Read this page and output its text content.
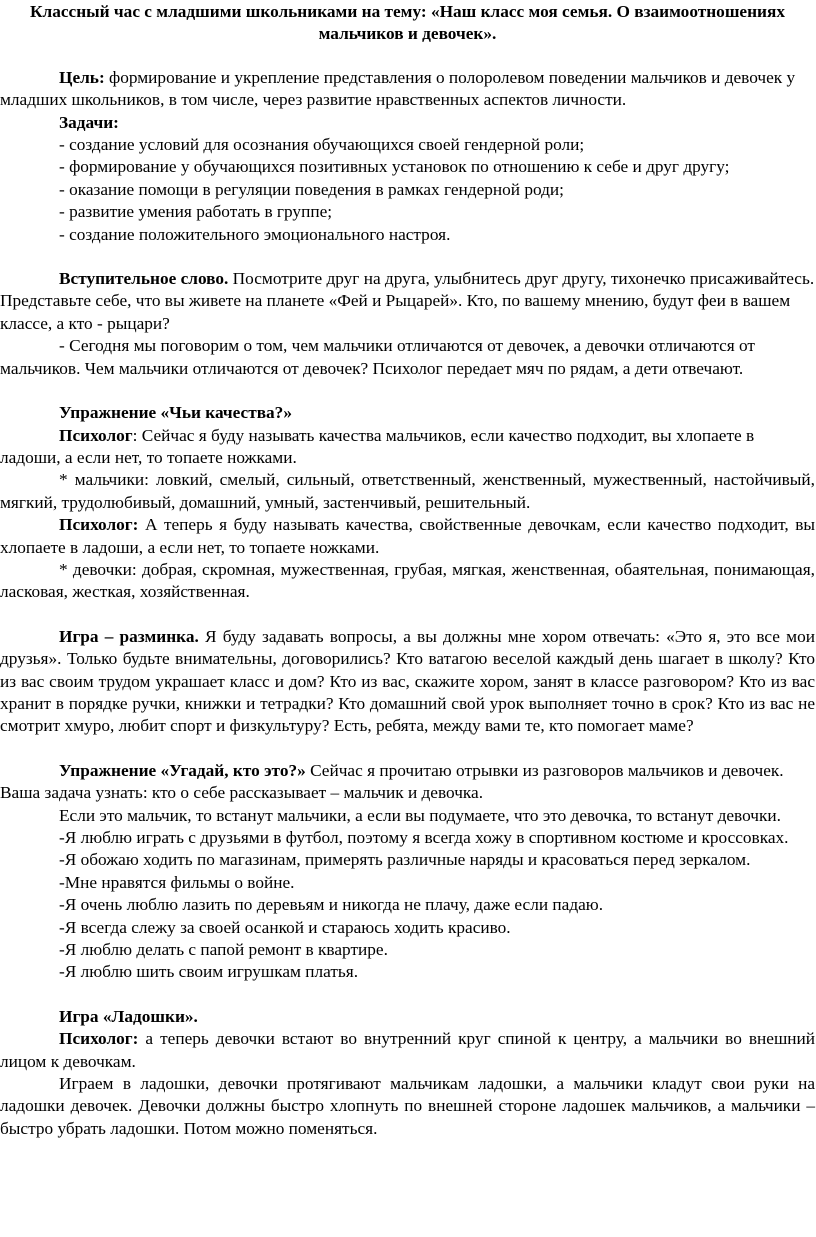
Классный час с младшими школьниками на тему: «Наш класс моя семья. О взаимоотношениях мальчиков и девочек».

Цель: формирование и укрепление представления о полоролевом поведении мальчиков и девочек у младших школьников, в том числе, через развитие нравственных аспектов личности.

Задачи:

- создание условий для осознания обучающихся своей гендерной роли;

- формирование у обучающихся позитивных установок по отношению к себе и друг другу;

- оказание помощи в регуляции поведения в рамках гендерной роди;

- развитие умения работать в группе;

- создание положительного эмоционального настроя.

Вступительное слово. Посмотрите друг на друга, улыбнитесь друг другу, тихонечко присаживайтесь. Представьте себе, что вы живете на планете «Фей и Рыцарей». Кто, по вашему мнению, будут феи в вашем классе, а кто - рыцари?

- Сегодня мы поговорим о том, чем мальчики отличаются от девочек, а девочки отличаются от мальчиков. Чем мальчики отличаются от девочек? Психолог передает мяч по рядам, а дети отвечают.

Упражнение «Чьи качества?»

Психолог: Сейчас я буду называть качества мальчиков, если качество подходит, вы хлопаете в ладоши, а если нет, то топаете ножками.

* мальчики: ловкий, смелый, сильный, ответственный, женственный, мужественный, настойчивый, мягкий, трудолюбивый, домашний, умный, застенчивый, решительный.

Психолог: А теперь я буду называть качества, свойственные девочкам, если качество подходит, вы хлопаете в ладоши, а если нет, то топаете ножками.

* девочки: добрая, скромная, мужественная, грубая, мягкая, женственная, обаятельная, понимающая, ласковая, жесткая, хозяйственная.

Игра – разминка. Я буду задавать вопросы, а вы должны мне хором отвечать: «Это я, это все мои друзья». Только будьте внимательны, договорились? Кто ватагою веселой каждый день шагает в школу? Кто из вас своим трудом украшает класс и дом? Кто из вас, скажите хором, занят в классе разговором? Кто из вас хранит в порядке ручки, книжки и тетрадки? Кто домашний свой урок выполняет точно в срок? Кто из вас не смотрит хмуро, любит спорт и физкультуру? Есть, ребята, между вами те, кто помогает маме?

Упражнение «Угадай, кто это?» Сейчас я прочитаю отрывки из разговоров мальчиков и девочек. Ваша задача узнать: кто о себе рассказывает – мальчик и девочка.

Если это мальчик, то встанут мальчики, а если вы подумаете, что это девочка, то встанут девочки.

-Я люблю играть с друзьями в футбол, поэтому я всегда хожу в спортивном костюме и кроссовках.

-Я обожаю ходить по магазинам, примерять различные наряды и красоваться перед зеркалом.

-Мне нравятся фильмы о войне.

-Я очень люблю лазить по деревьям и никогда не плачу, даже если падаю.

-Я всегда слежу за своей осанкой и стараюсь ходить красиво.

-Я люблю делать с папой ремонт в квартире.

-Я люблю шить своим игрушкам платья.

Игра «Ладошки».

Психолог: а теперь девочки встают во внутренний круг спиной к центру, а мальчики во внешний лицом к девочкам.

Играем в ладошки, девочки протягивают мальчикам ладошки, а мальчики кладут свои руки на ладошки девочек. Девочки должны быстро хлопнуть по внешней стороне ладошек мальчиков, а мальчики – быстро убрать ладошки. Потом можно поменяться.
